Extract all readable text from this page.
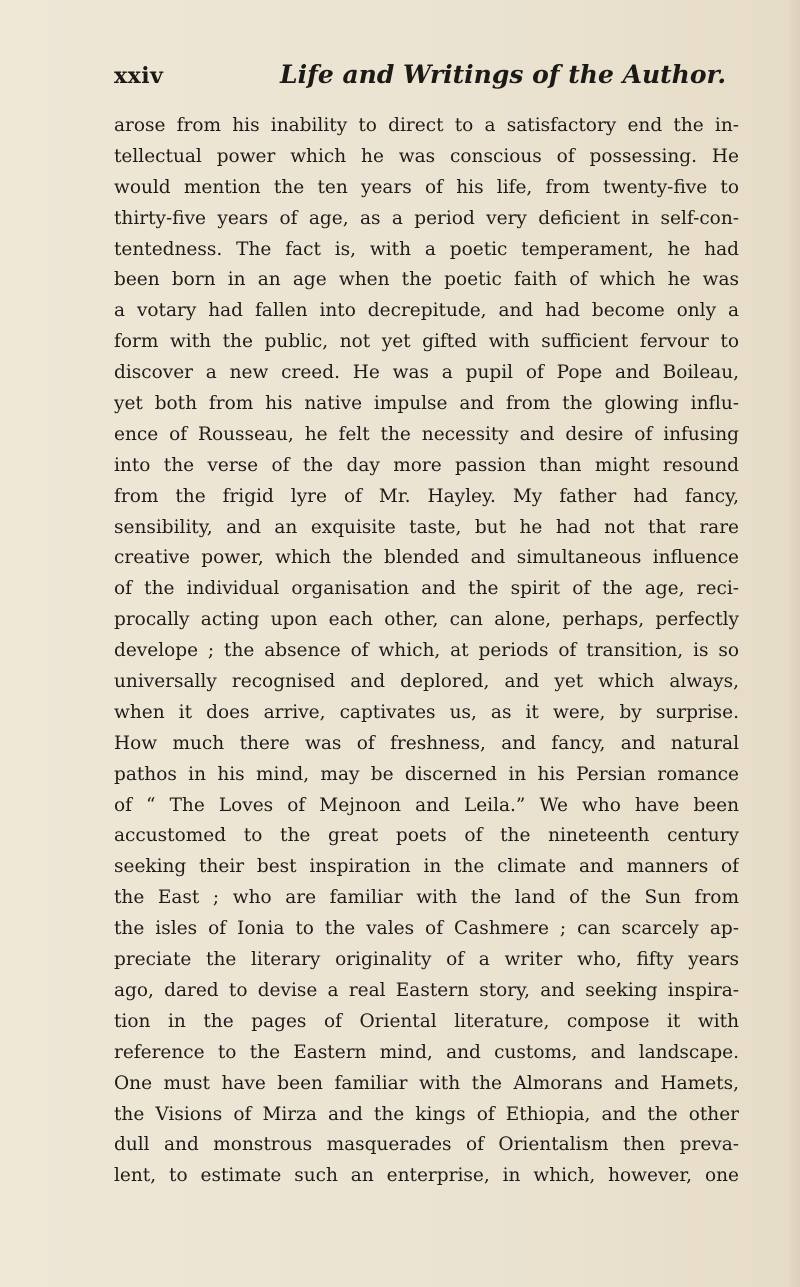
xxiv	Life and Writings of the Author.
arose from his inability to direct to a satisfactory end the in-
tellectual power which he was conscious of possessing. He
would mention the ten years of his life, from twenty-five to
thirty-five years of age, as a period very deficient in self-con-
tentedness. The fact is, with a poetic temperament, he had
been born in an age when the poetic faith of which he was
a votary had fallen into decrepitude, and had become only a
form with the public, not yet gifted with sufficient fervour to
discover a new creed. He was a pupil of Pope and Boileau,
yet both from his native impulse and from the glowing influ-
ence of Rousseau, he felt the necessity and desire of infusing
into the verse of the day more passion than might resound
from the frigid lyre of Mr. Hayley. My father had fancy,
sensibility, and an exquisite taste, but he had not that rare
creative power, which the blended and simultaneous influence
of the individual organisation and the spirit of the age, reci-
procally acting upon each other, can alone, perhaps, perfectly
develope ; the absence of which, at periods of transition, is so
universally recognised and deplored, and yet which always,
when it does arrive, captivates us, as it were, by surprise.
How much there was of freshness, and fancy, and natural
pathos in his mind, may be discerned in his Persian romance
of “ The Loves of Mejnoon and Leila.” We who have been
accustomed to the great poets of the nineteenth century
seeking their best inspiration in the climate and manners of
the East ; who are familiar with the land of the Sun from
the isles of Ionia to the vales of Cashmere ; can scarcely ap-
preciate the literary originality of a writer who, fifty years
ago, dared to devise a real Eastern story, and seeking inspira-
tion in the pages of Oriental literature, compose it with
reference to the Eastern mind, and customs, and landscape.
One must have been familiar with the Almorans and Hamets,
the Visions of Mirza and the kings of Ethiopia, and the other
dull and monstrous masquerades of Orientalism then preva-
lent, to estimate such an enterprise, in which, however, one
